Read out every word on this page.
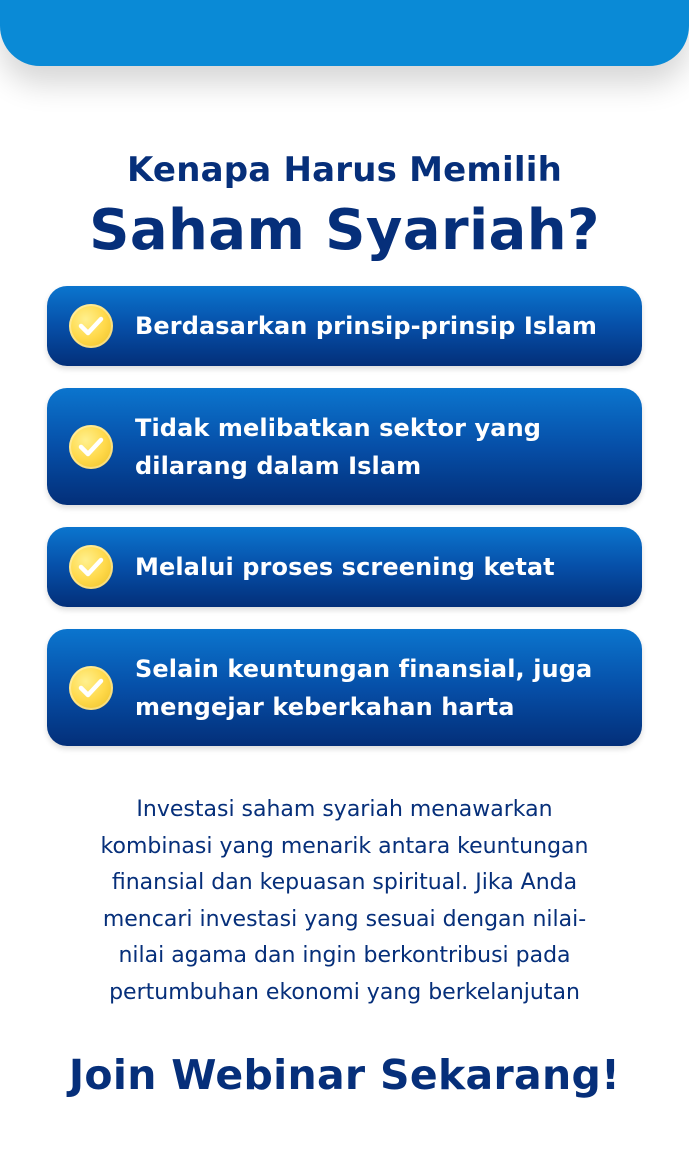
Kenapa Harus Memilih
Saham Syariah?
Berdasarkan prinsip-prinsip Islam
Tidak melibatkan sektor yang
dilarang dalam Islam
Melalui proses screening ketat
Selain keuntungan finansial, juga
mengejar keberkahan harta
Investasi saham syariah menawarkan
kombinasi yang menarik antara keuntungan
finansial dan kepuasan spiritual. Jika Anda
mencari investasi yang sesuai dengan nilai-
nilai agama dan ingin berkontribusi pada
pertumbuhan ekonomi yang berkelanjutan
Join Webinar Sekarang!
